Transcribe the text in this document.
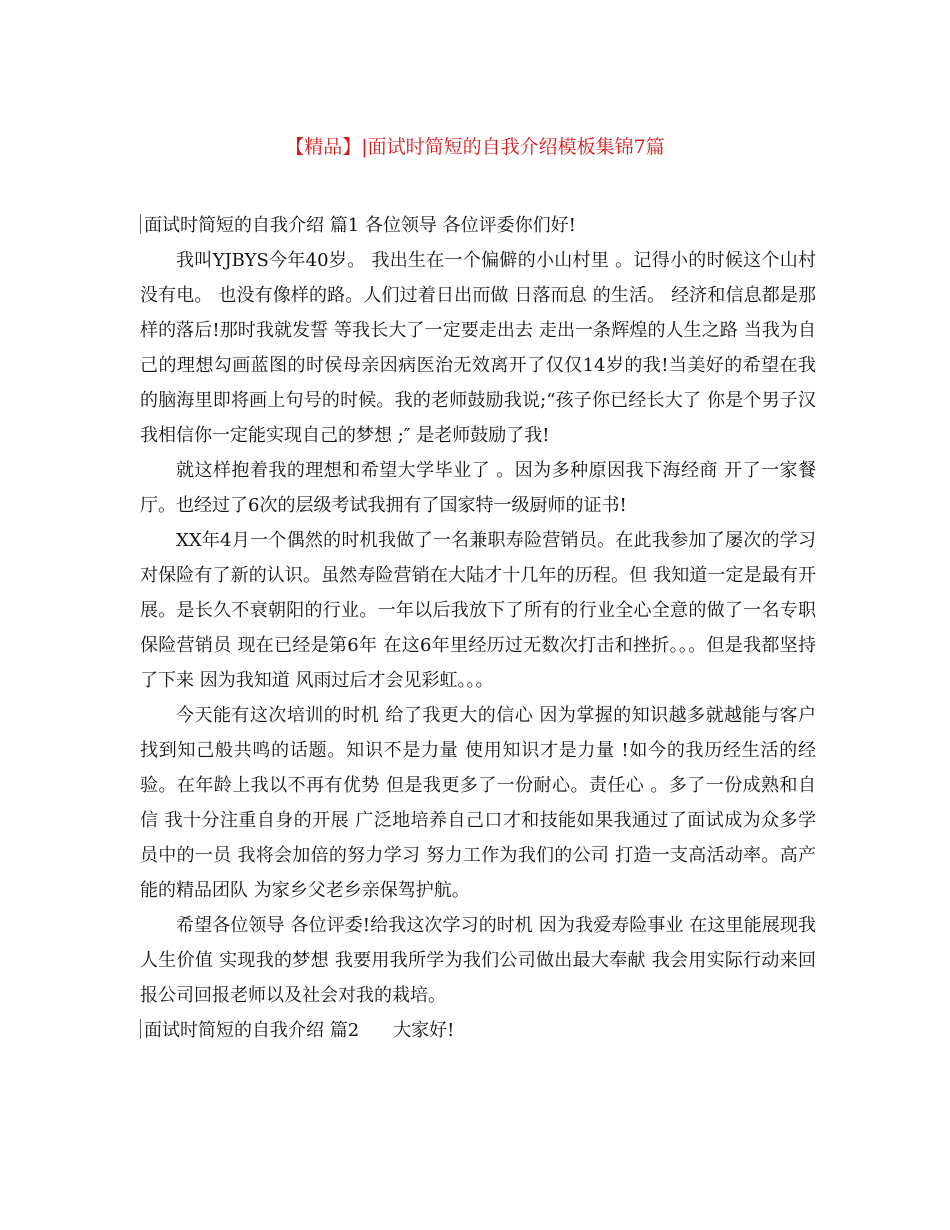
【精品】|面试时简短的自我介绍模板集锦7篇

面试时简短的自我介绍 篇1 各位领导 各位评委你们好!

我叫YJBYS今年40岁。 我出生在一个偏僻的小山村里 。记得小的时候这个山村没有电。 也没有像样的路。人们过着日出而做 日落而息 的生活。 经济和信息都是那样的落后!那时我就发誓 等我长大了一定要走出去 走出一条辉煌的人生之路 当我为自己的理想勾画蓝图的时侯母亲因病医治无效离开了仅仅14岁的我!当美好的希望在我的脑海里即将画上句号的时候。我的老师鼓励我说;“孩子你已经长大了 你是个男子汉我相信你一定能实现自己的梦想 ;″ 是老师鼓励了我!

就这样抱着我的理想和希望大学毕业了 。因为多种原因我下海经商 开了一家餐厅。也经过了6次的层级考试我拥有了国家特一级厨师的证书!

XX年4月一个偶然的时机我做了一名兼职寿险营销员。在此我参加了屡次的学习 对保险有了新的认识。虽然寿险营销在大陆才十几年的历程。但 我知道一定是最有开展。是长久不衰朝阳的行业。一年以后我放下了所有的行业全心全意的做了一名专职保险营销员 现在已经是第6年 在这6年里经历过无数次打击和挫折。。。但是我都坚持了下来 因为我知道 风雨过后才会见彩虹。。。

今天能有这次培训的时机 给了我更大的信心 因为掌握的知识越多就越能与客户找到知己般共鸣的话题。知识不是力量 使用知识才是力量 !如今的我历经生活的经验。在年龄上我以不再有优势 但是我更多了一份耐心。责任心 。多了一份成熟和自信 我十分注重自身的开展 广泛地培养自己口才和技能如果我通过了面试成为众多学员中的一员 我将会加倍的努力学习 努力工作为我们的公司 打造一支高活动率。高产能的精品团队 为家乡父老乡亲保驾护航。

希望各位领导 各位评委!给我这次学习的时机 因为我爱寿险事业 在这里能展现我人生价值 实现我的梦想 我要用我所学为我们公司做出最大奉献 我会用实际行动来回报公司回报老师以及社会对我的栽培。

面试时简短的自我介绍 篇2 大家好!
